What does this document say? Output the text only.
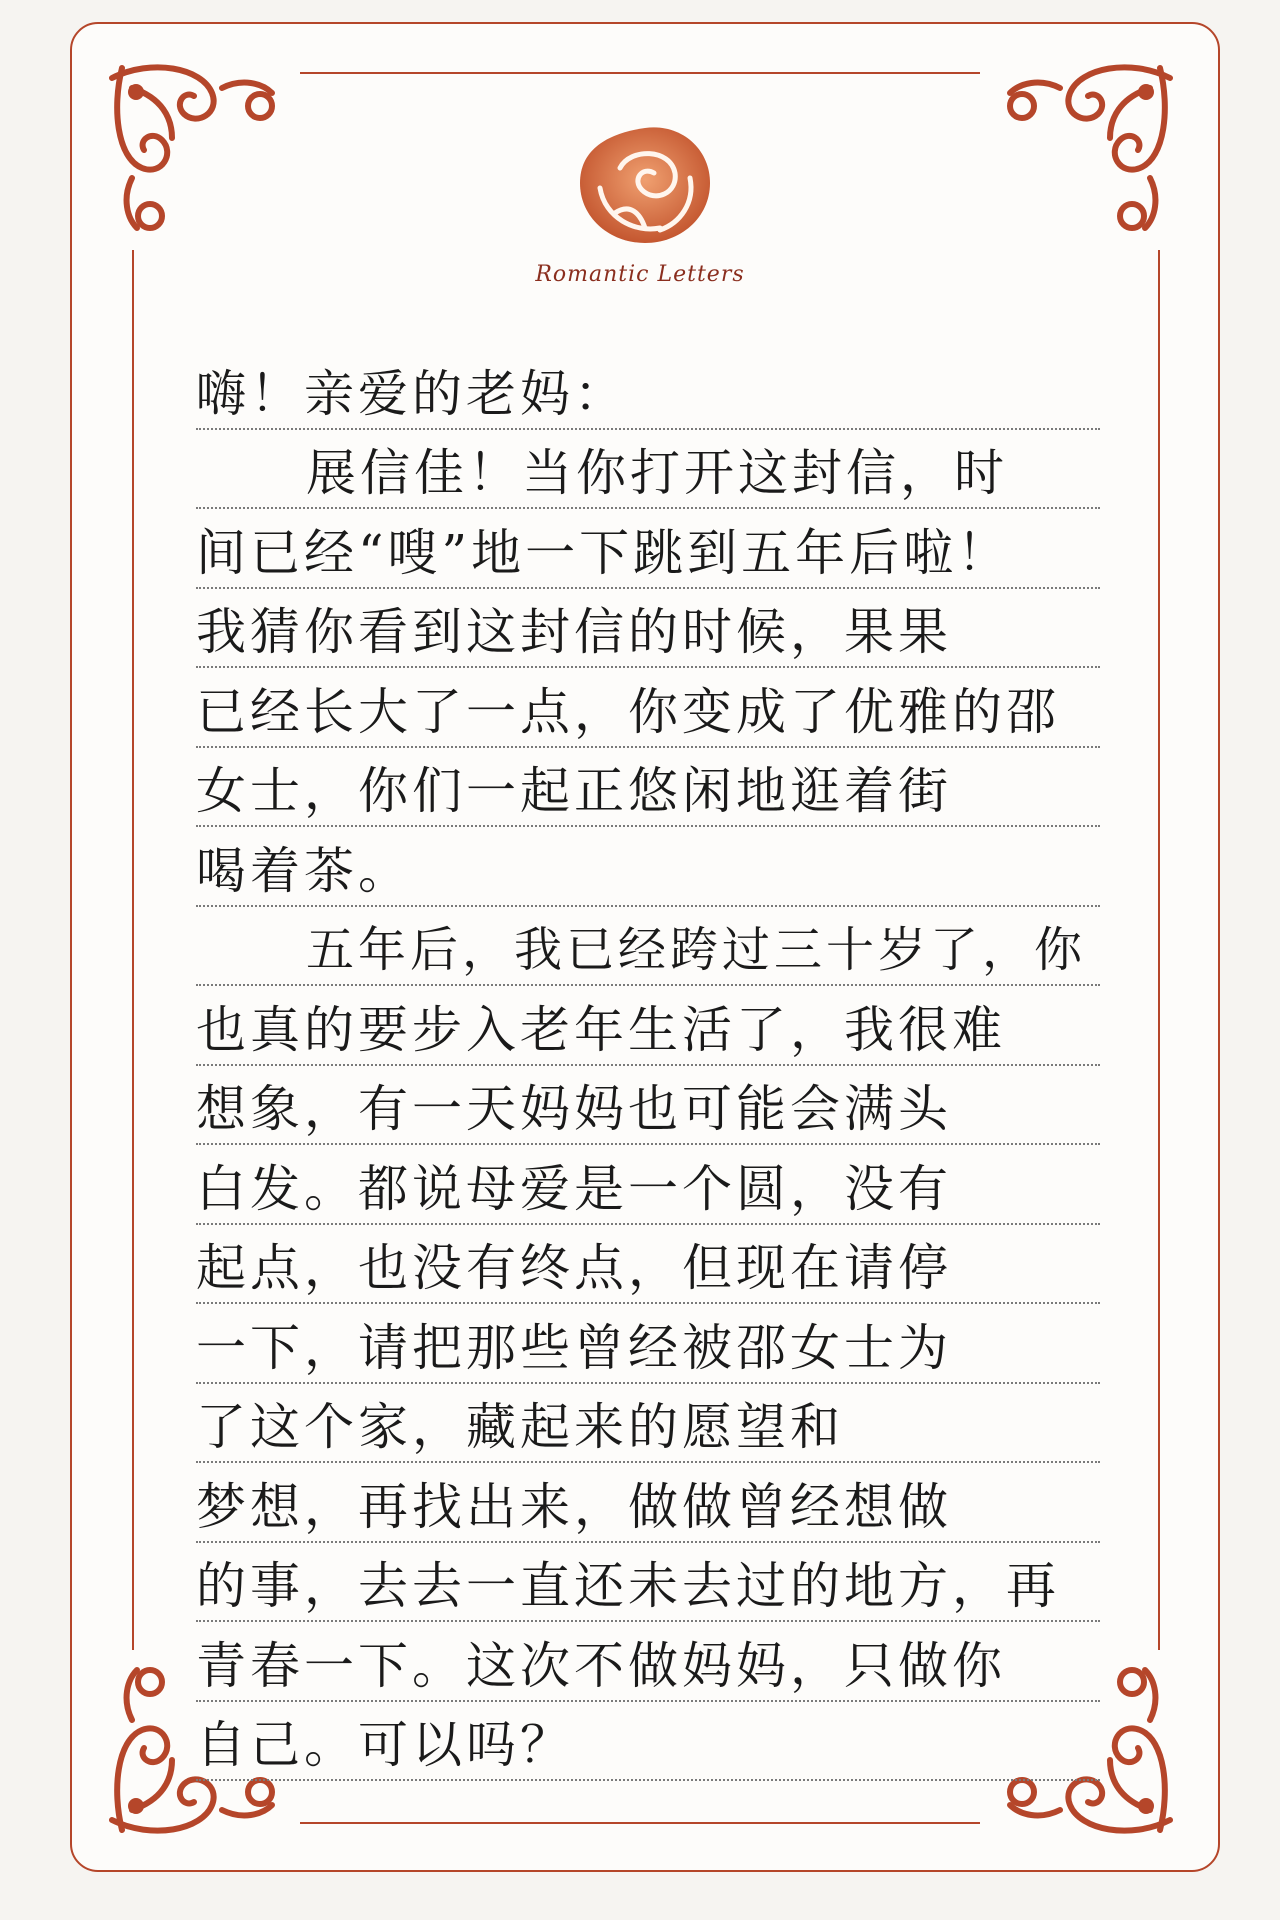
Romantic Letters
嗨！亲爱的老妈：
展信佳！当你打开这封信，时
间已经“嗖”地一下跳到五年后啦！
我猜你看到这封信的时候，果果
已经长大了一点，你变成了优雅的邵
女士，你们一起正悠闲地逛着街
喝着茶。
五年后，我已经跨过三十岁了，你
也真的要步入老年生活了，我很难
想象，有一天妈妈也可能会满头
白发。都说母爱是一个圆，没有
起点，也没有终点，但现在请停
一下，请把那些曾经被邵女士为
了这个家，藏起来的愿望和
梦想，再找出来，做做曾经想做
的事，去去一直还未去过的地方，再
青春一下。这次不做妈妈，只做你
自己。可以吗？
